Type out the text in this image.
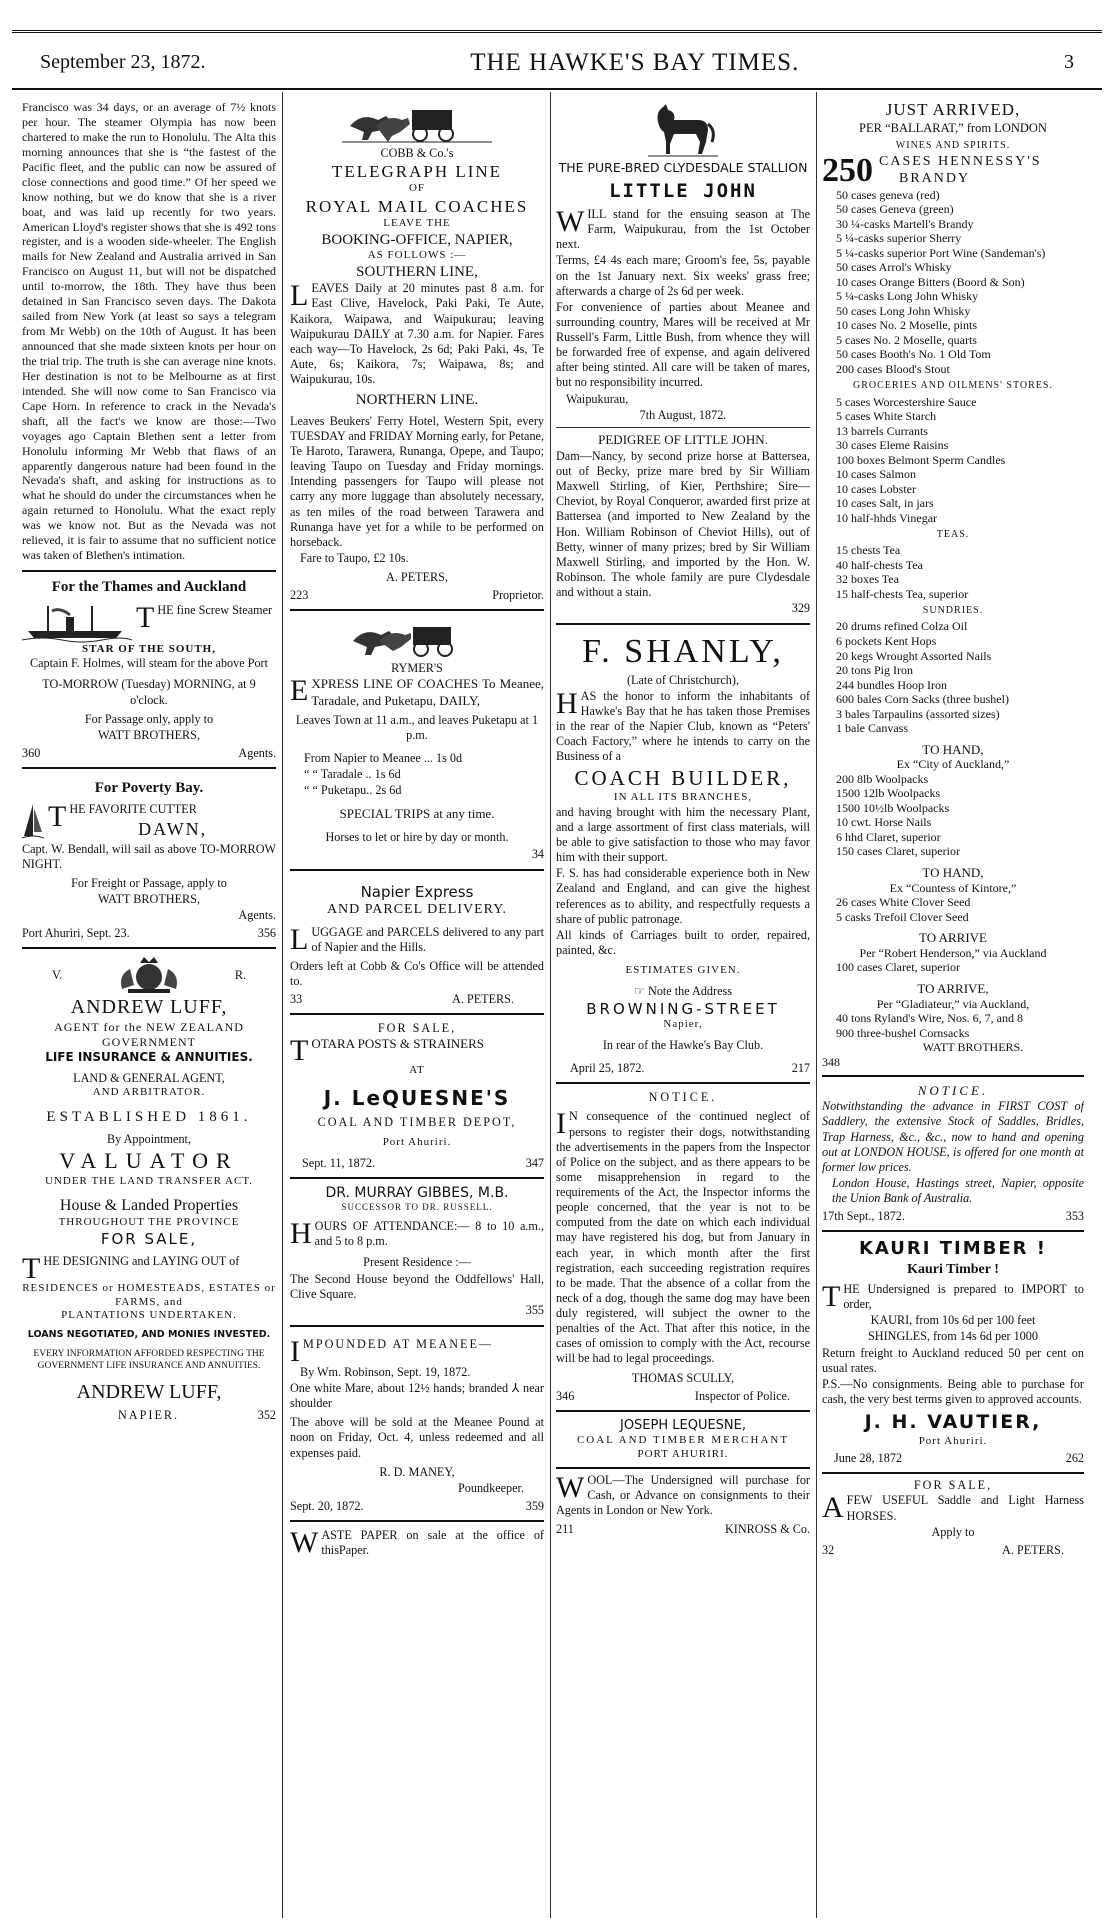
September 23, 1872.	THE HAWKE'S BAY TIMES.	3

Francisco was 34 days, or an average of 7½ knots per hour. The steamer Olympia has now been chartered to make the run to Honolulu. The Alta this morning announces that she is “the fastest of the Pacific fleet, and the public can now be assured of close connections and good time.” Of her speed we know nothing, but we do know that she is a river boat, and was laid up recently for two years. American Lloyd's register shows that she is 492 tons register, and is a wooden side-wheeler. The English mails for New Zealand and Australia arrived in San Francisco on August 11, but will not be dispatched until to-morrow, the 18th. They have thus been detained in San Francisco seven days. The Dakota sailed from New York (at least so says a telegram from Mr Webb) on the 10th of August. It has been announced that she made sixteen knots per hour on the trial trip. The truth is she can average nine knots. Her destination is not to be Melbourne as at first intended. She will now come to San Francisco via Cape Horn. In reference to crack in the Nevada's shaft, all the fact's we know are those:—Two voyages ago Captain Blethen sent a letter from Honolulu informing Mr Webb that flaws of an apparently dangerous nature had been found in the Nevada's shaft, and asking for instructions as to what he should do under the circumstances when he again returned to Honolulu. What the exact reply was we know not. But as the Nevada was not relieved, it is fair to assume that no sufficient notice was taken of Blethen's intimation.

For the Thames and Auckland

THE fine Screw Steamer

STAR OF THE SOUTH,

Captain F. Holmes, will steam for the above Port

TO-MORROW (Tuesday) MORNING, at 9 o'clock.

For Passage only, apply to

WATT BROTHERS,

360	Agents.
For Poverty Bay.

THE FAVORITE CUTTER

DAWN,

Capt. W. Bendall, will sail as above TO-MORROW NIGHT.

For Freight or Passage, apply to

WATT BROTHERS,

Agents.

Port Ahuriri, Sept. 23.	356
V.	R.
ANDREW LUFF,
AGENT for the NEW ZEALAND GOVERNMENT
LIFE INSURANCE & ANNUITIES.
LAND & GENERAL AGENT,
AND ARBITRATOR.
ESTABLISHED 1861.
By Appointment,
VALUATOR
UNDER THE LAND TRANSFER ACT.
House & Landed Properties
THROUGHOUT THE PROVINCE
FOR SALE,

THE DESIGNING and LAYING OUT of

RESIDENCES or HOMESTEADS, ESTATES or FARMS, and
PLANTATIONS UNDERTAKEN.
LOANS NEGOTIATED, AND MONIES INVESTED.
EVERY INFORMATION AFFORDED RESPECTING THE GOVERNMENT LIFE INSURANCE AND ANNUITIES.
ANDREW LUFF,
NAPIER.	352
COBB & Co.'s
TELEGRAPH LINE
OF
ROYAL MAIL COACHES
LEAVE THE
BOOKING-OFFICE, NAPIER,
AS FOLLOWS :—
SOUTHERN LINE,

LEAVES Daily at 20 minutes past 8 a.m. for East Clive, Havelock, Paki Paki, Te Aute, Kaikora, Waipawa, and Waipukurau; leaving Waipukurau DAILY at 7.30 a.m. for Napier. Fares each way—To Havelock, 2s 6d; Paki Paki, 4s, Te Aute, 6s; Kaikora, 7s; Waipawa, 8s; and Waipukurau, 10s.

NORTHERN LINE.

Leaves Beukers' Ferry Hotel, Western Spit, every TUESDAY and FRIDAY Morning early, for Petane, Te Haroto, Tarawera, Runanga, Opepe, and Taupo; leaving Taupo on Tuesday and Friday mornings. Intending passengers for Taupo will please not carry any more luggage than absolutely necessary, as ten miles of the road between Tarawera and Runanga have yet for a while to be performed on horseback.

Fare to Taupo, £2 10s.

A. PETERS,
223	Proprietor.
RYMER'S

EXPRESS LINE OF COACHES To Meanee, Taradale, and Puketapu, DAILY,

Leaves Town at 11 a.m., and leaves Puketapu at 1 p.m.

From Napier to Meanee ... 1s 0d

“ “ Taradale .. 1s 6d

“ “ Puketapu.. 2s 6d

SPECIAL TRIPS at any time.

Horses to let or hire by day or month.

34

Napier Express
AND PARCEL DELIVERY.

LUGGAGE and PARCELS delivered to any part of Napier and the Hills.

Orders left at Cobb & Co's Office will be attended to.

33	A. PETERS.
FOR SALE,

TOTARA POSTS & STRAINERS

AT
J. LeQUESNE'S
COAL AND TIMBER DEPOT,
Port Ahuriri.
Sept. 11, 1872.	347
DR. MURRAY GIBBES, M.B.
SUCCESSOR TO DR. RUSSELL.

HOURS OF ATTENDANCE:— 8 to 10 a.m., and 5 to 8 p.m.

Present Residence :—

The Second House beyond the Oddfellows' Hall, Clive Square.

355

IMPOUNDED AT MEANEE—

By Wm. Robinson, Sept. 19, 1872.

One white Mare, about 12½ hands; branded ⅄ near shoulder

The above will be sold at the Meanee Pound at noon on Friday, Oct. 4, unless redeemed and all expenses paid.

R. D. MANEY,

Poundkeeper.

Sept. 20, 1872.	359

WASTE PAPER on sale at the office of thisPaper.

THE PURE-BRED CLYDESDALE STALLION
LITTLE JOHN

WILL stand for the ensuing season at The Farm, Waipukurau, from the 1st October next.

Terms, £4 4s each mare; Groom's fee, 5s, payable on the 1st January next. Six weeks' grass free; afterwards a charge of 2s 6d per week.

For convenience of parties about Meanee and surrounding country, Mares will be received at Mr Russell's Farm, Little Bush, from whence they will be forwarded free of expense, and again delivered after being stinted. All care will be taken of mares, but no responsibility incurred.

Waipukurau,

7th August, 1872.

PEDIGREE OF LITTLE JOHN.

Dam—Nancy, by second prize horse at Battersea, out of Becky, prize mare bred by Sir William Maxwell Stirling, of Kier, Perthshire; Sire—Cheviot, by Royal Conqueror, awarded first prize at Battersea (and imported to New Zealand by the Hon. William Robinson of Cheviot Hills), out of Betty, winner of many prizes; bred by Sir William Maxwell Stirling, and imported by the Hon. W. Robinson. The whole family are pure Clydesdale and without a stain.

329

F. SHANLY,
(Late of Christchurch),

HAS the honor to inform the inhabitants of Hawke's Bay that he has taken those Premises in the rear of the Napier Club, known as “Peters' Coach Factory,” where he intends to carry on the Business of a

COACH BUILDER,
IN ALL ITS BRANCHES,

and having brought with him the necessary Plant, and a large assortment of first class materials, will be able to give satisfaction to those who may favor him with their support.

F. S. has had considerable experience both in New Zealand and England, and can give the highest references as to ability, and respectfully requests a share of public patronage.

All kinds of Carriages built to order, repaired, painted, &c.

ESTIMATES GIVEN.

☞ Note the Address

BROWNING-STREET
Napier,
In rear of the Hawke's Bay Club.
April 25, 1872.	217
NOTICE.

I N consequence of the continued neglect of persons to register their dogs, notwithstanding the advertisements in the papers from the Inspector of Police on the subject, and as there appears to be some misapprehension in regard to the requirements of the Act, the Inspector informs the people concerned, that the year is not to be computed from the date on which each individual may have registered his dog, but from January in each year, in which month after the first registration, each succeeding registration requires to be made. That the absence of a collar from the neck of a dog, though the same dog may have been duly registered, will subject the owner to the penalties of the Act. That after this notice, in the cases of omission to comply with the Act, recourse will be had to legal proceedings.

THOMAS SCULLY,

346	Inspector of Police.
JOSEPH LEQUESNE,
COAL AND TIMBER MERCHANT
PORT AHURIRI.

WOOL—The Undersigned will purchase for Cash, or Advance on consignments to their Agents in London or New York.

211	KINROSS & Co.
JUST ARRIVED,
PER “BALLARAT,” from LONDON
WINES AND SPIRITS.
250 CASES HENNESSY'S
BRANDY
50 cases geneva (red)
50 cases Geneva (green)
30 ¼-casks Martell's Brandy
5 ¼-casks superior Sherry
5 ¼-casks superior Port Wine (Sandeman's)
50 cases Arrol's Whisky
10 cases Orange Bitters (Boord & Son)
5 ¼-casks Long John Whisky
50 cases Long John Whisky
10 cases No. 2 Moselle, pints
5 cases No. 2 Moselle, quarts
50 cases Booth's No. 1 Old Tom
200 cases Blood's Stout
GROCERIES AND OILMENS' STORES.
5 cases Worcestershire Sauce
5 cases White Starch
13 barrels Currants
30 cases Eleme Raisins
100 boxes Belmont Sperm Candles
10 cases Salmon
10 cases Lobster
10 cases Salt, in jars
10 half-hhds Vinegar
TEAS.
15 chests Tea
40 half-chests Tea
32 boxes Tea
15 half-chests Tea, superior
SUNDRIES.
20 drums refined Colza Oil
6 pockets Kent Hops
20 kegs Wrought Assorted Nails
20 tons Pig Iron
244 bundles Hoop Iron
600 bales Corn Sacks (three bushel)
3 bales Tarpaulins (assorted sizes)
1 bale Canvass
TO HAND,
Ex “City of Auckland,”
200 8lb Woolpacks
1500 12lb Woolpacks
1500 10½lb Woolpacks
10 cwt. Horse Nails
6 hhd Claret, superior
150 cases Claret, superior
TO HAND,
Ex “Countess of Kintore,”
26 cases White Clover Seed
5 casks Trefoil Clover Seed
TO ARRIVE
Per “Robert Henderson,” via Auckland
100 cases Claret, superior
TO ARRIVE,
Per “Gladiateur,” via Auckland,
40 tons Ryland's Wire, Nos. 6, 7, and 8
900 three-bushel Cornsacks
WATT BROTHERS.
348
NOTICE.

Notwithstanding the advance in FIRST COST of Saddlery, the extensive Stock of Saddles, Bridles, Trap Harness, &c., &c., now to hand and opening out at LONDON HOUSE, is offered for one month at former low prices.

London House, Hastings street, Napier, opposite the Union Bank of Australia.

17th Sept., 1872.	353
KAURI TIMBER !
Kauri Timber !

THE Undersigned is prepared to IMPORT to order,

KAURI, from 10s 6d per 100 feet

SHINGLES, from 14s 6d per 1000

Return freight to Auckland reduced 50 per cent on usual rates.

P.S.—No consignments. Being able to purchase for cash, the very best terms given to approved accounts.

J. H. VAUTIER,
Port Ahuriri.
June 28, 1872	262
FOR SALE,

AFEW USEFUL Saddle and Light Harness HORSES.

Apply to

32	A. PETERS.
